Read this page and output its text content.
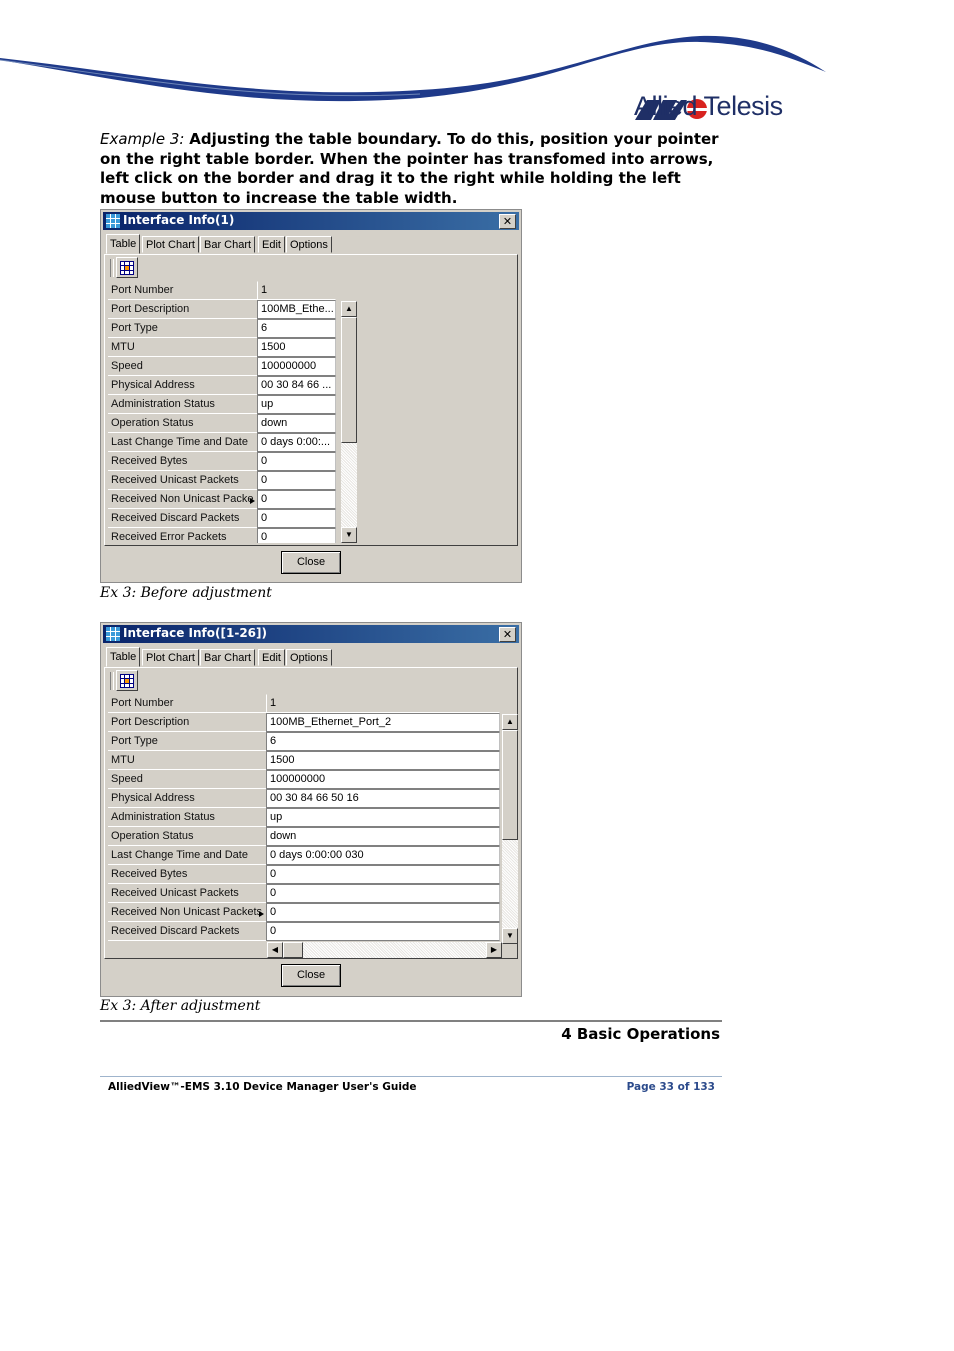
Allied Telesis
Example 3: Adjusting the table boundary. To do this, position your pointer on the right table border. When the pointer has transfomed into arrows, left click on the border and drag it to the right while holding the left mouse button to increase the table width.
Interface Info(1)	✕
Table Plot Chart Bar Chart Edit Options
Port Number	1
Port Description	100MB_Ethe...
Port Type	6
MTU	1500
Speed	100000000
Physical Address	00 30 84 66 ...
Administration Status	up
Operation Status	down
Last Change Time and Date	0 days 0:00:...
Received Bytes	0
Received Unicast Packets	0
Received Non Unicast Packe 0
Received Discard Packets	0
Received Error Packets	0
▲
▼
Close
Ex 3: Before adjustment
Interface Info([1-26])	✕
Table Plot Chart Bar Chart Edit Options
Port Number	1
Port Description	100MB_Ethernet_Port_2
Port Type	6
MTU	1500
Speed	100000000
Physical Address	00 30 84 66 50 16
Administration Status	up
Operation Status	down
Last Change Time and Date	0 days 0:00:00 030
Received Bytes	0
Received Unicast Packets	0
Received Non Unicast Packets 0
Received Discard Packets	0
▲
▼
◀	▶
Close
Ex 3: After adjustment
4 Basic Operations
AlliedView™-EMS 3.10 Device Manager User's Guide	Page 33 of 133
